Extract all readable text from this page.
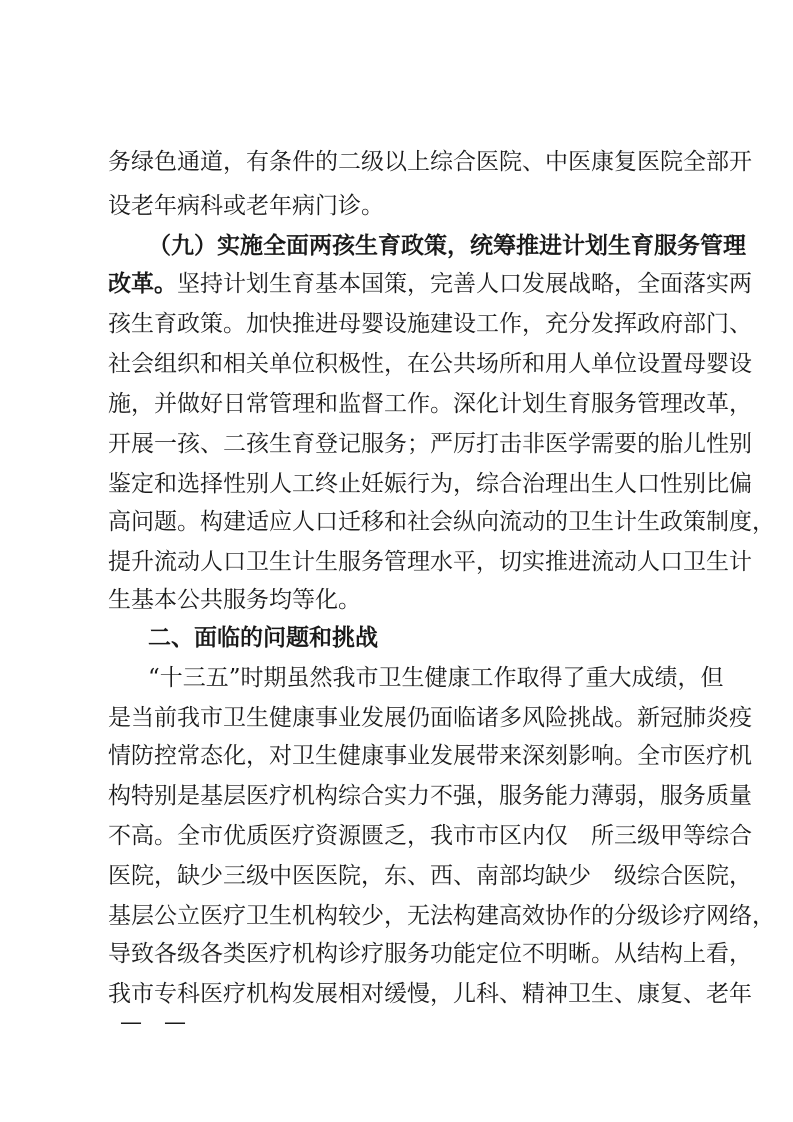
务绿色通道，有条件的二级以上综合医院、中医康复医院全部开
设老年病科或老年病门诊。
（九）实施全面两孩生育政策，统筹推进计划生育服务管理
改革。坚持计划生育基本国策，完善人口发展战略，全面落实两
孩生育政策。加快推进母婴设施建设工作，充分发挥政府部门、
社会组织和相关单位积极性，在公共场所和用人单位设置母婴设
施，并做好日常管理和监督工作。深化计划生育服务管理改革，
开展一孩、二孩生育登记服务；严厉打击非医学需要的胎儿性别
鉴定和选择性别人工终止妊娠行为，综合治理出生人口性别比偏
高问题。构建适应人口迁移和社会纵向流动的卫生计生政策制度，
提升流动人口卫生计生服务管理水平，切实推进流动人口卫生计
生基本公共服务均等化。
二、面临的问题和挑战
“十三五”时期虽然我市卫生健康工作取得了重大成绩，但
是当前我市卫生健康事业发展仍面临诸多风险挑战。新冠肺炎疫
情防控常态化，对卫生健康事业发展带来深刻影响。全市医疗机
构特别是基层医疗机构综合实力不强，服务能力薄弱，服务质量
不高。全市优质医疗资源匮乏，我市市区内仅　所三级甲等综合
医院，缺少三级中医医院，东、西、南部均缺少　级综合医院，
基层公立医疗卫生机构较少，无法构建高效协作的分级诊疗网络，
导致各级各类医疗机构诊疗服务功能定位不明晰。从结构上看，
我市专科医疗机构发展相对缓慢，儿科、精神卫生、康复、老年
—　—
